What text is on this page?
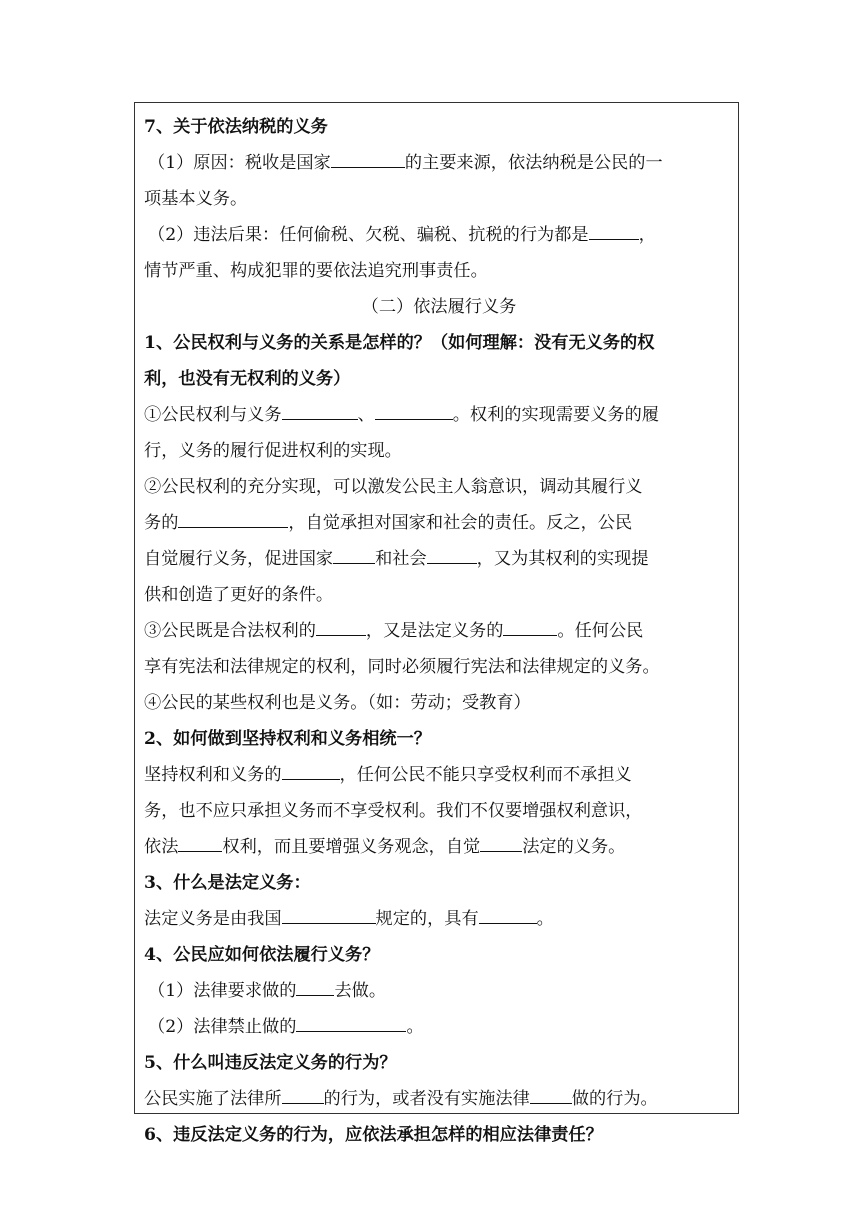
7、关于依法纳税的义务
（1）原因：税收是国家	的主要来源，依法纳税是公民的一
项基本义务。
（2）违法后果：任何偷税、欠税、骗税、抗税的行为都是	，
情节严重、构成犯罪的要依法追究刑事责任。
（二）依法履行义务
1、公民权利与义务的关系是怎样的？（如何理解：没有无义务的权
利，也没有无权利的义务）
①公民权利与义务	、	。权利的实现需要义务的履
行，义务的履行促进权利的实现。
②公民权利的充分实现，可以激发公民主人翁意识，调动其履行义
务的	，自觉承担对国家和社会的责任。反之，公民
自觉履行义务，促进国家 和社会	，又为其权利的实现提
供和创造了更好的条件。
③公民既是合法权利的	，又是法定义务的	。任何公民
享有宪法和法律规定的权利，同时必须履行宪法和法律规定的义务。
④公民的某些权利也是义务。（如：劳动；受教育）
2、如何做到坚持权利和义务相统一？
坚持权利和义务的	，任何公民不能只享受权利而不承担义
务，也不应只承担义务而不享受权利。我们不仅要增强权利意识，
依法	权利，而且要增强义务观念，自觉 法定的义务。
3、什么是法定义务：
法定义务是由我国	规定的，具有	。
4、公民应如何依法履行义务？
（1）法律要求做的 去做。
（2）法律禁止做的	。
5、什么叫违反法定义务的行为？
公民实施了法律所 的行为，或者没有实施法律 做的行为。
6、违反法定义务的行为，应依法承担怎样的相应法律责任？
